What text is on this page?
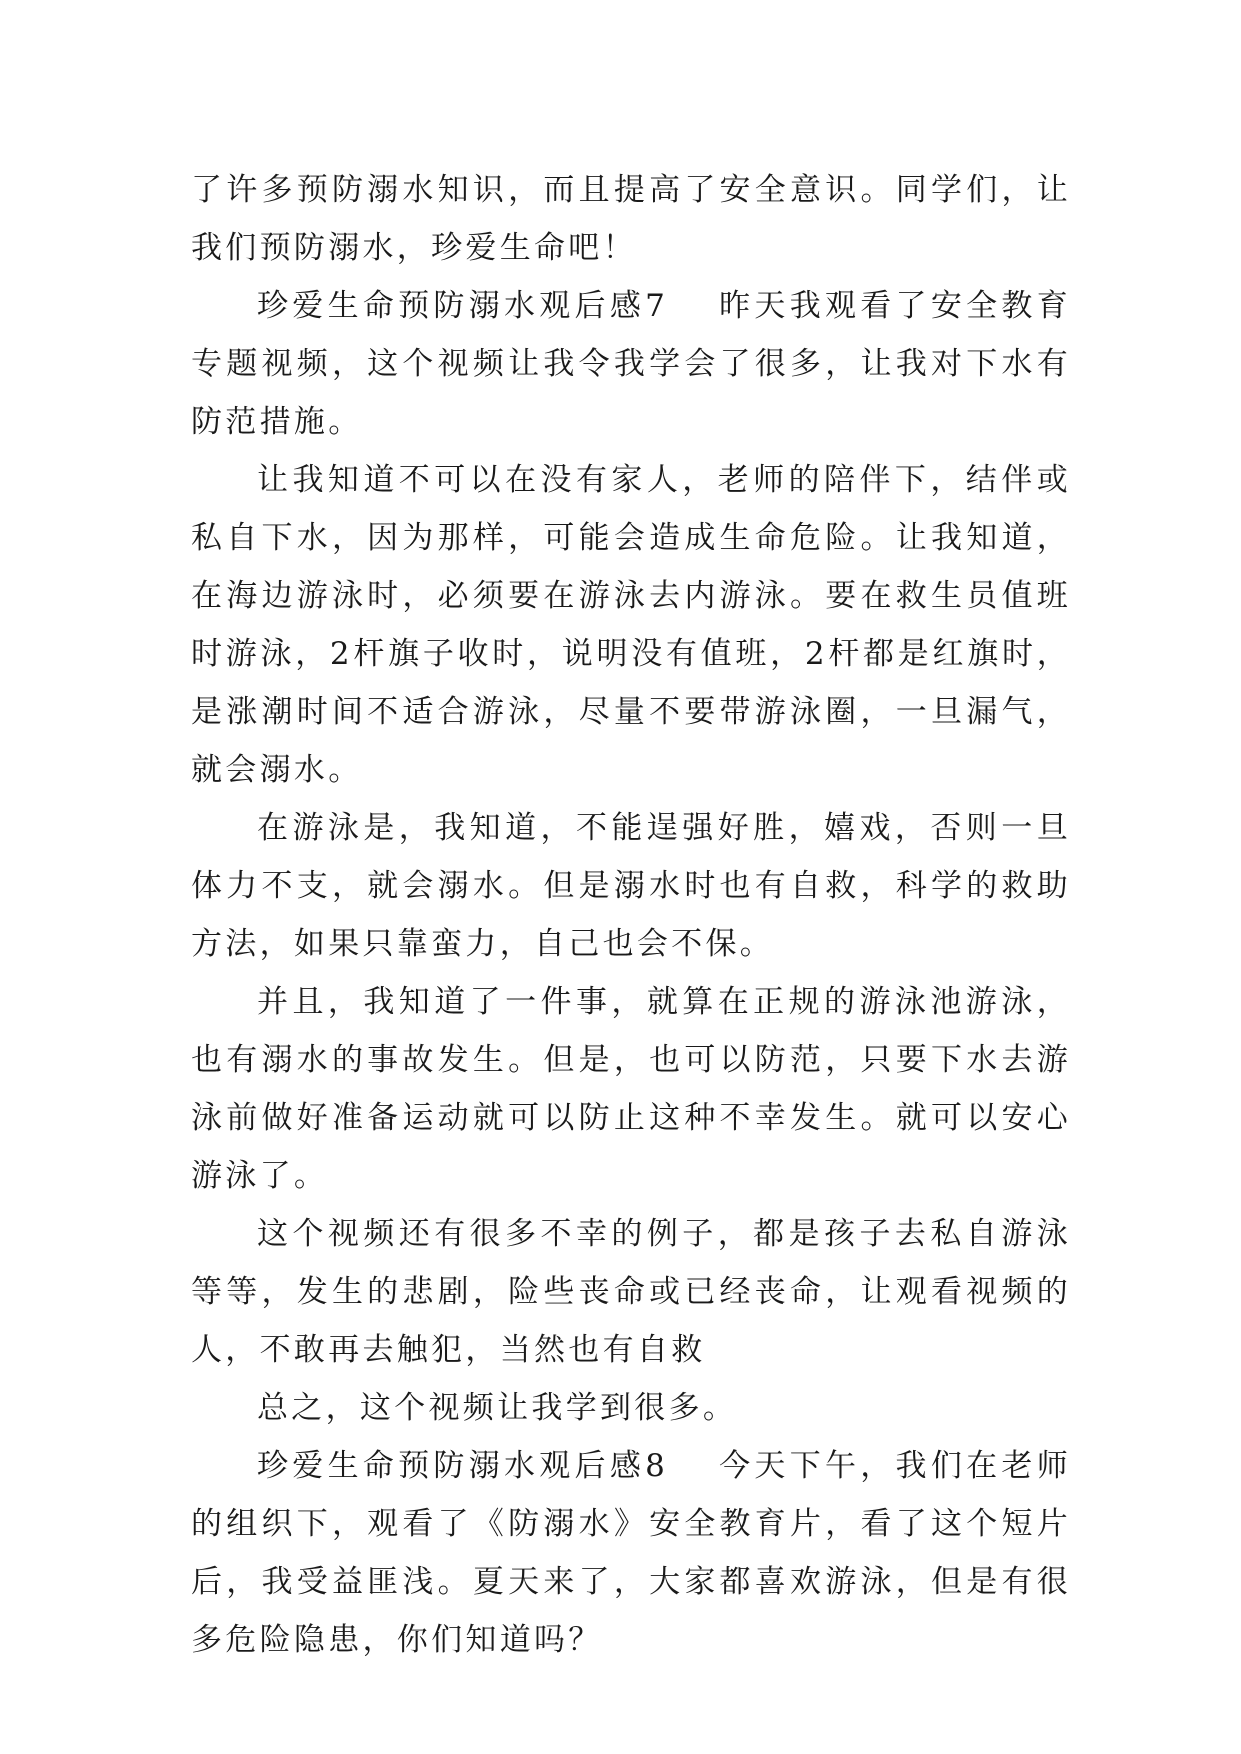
了许多预防溺水知识，而且提高了安全意识。同学们，让我们预防溺水，珍爱生命吧！

珍爱生命预防溺水观后感7 昨天我观看了安全教育专题视频，这个视频让我令我学会了很多，让我对下水有防范措施。

让我知道不可以在没有家人，老师的陪伴下，结伴或私自下水，因为那样，可能会造成生命危险。让我知道，在海边游泳时，必须要在游泳去内游泳。要在救生员值班时游泳，2杆旗子收时，说明没有值班，2杆都是红旗时，是涨潮时间不适合游泳，尽量不要带游泳圈，一旦漏气，就会溺水。

在游泳是，我知道，不能逞强好胜，嬉戏，否则一旦体力不支，就会溺水。但是溺水时也有自救，科学的救助方法，如果只靠蛮力，自己也会不保。

并且，我知道了一件事，就算在正规的游泳池游泳，也有溺水的事故发生。但是，也可以防范，只要下水去游泳前做好准备运动就可以防止这种不幸发生。就可以安心游泳了。

这个视频还有很多不幸的例子，都是孩子去私自游泳等等，发生的悲剧，险些丧命或已经丧命，让观看视频的人，不敢再去触犯，当然也有自救

总之，这个视频让我学到很多。

珍爱生命预防溺水观后感8 今天下午，我们在老师的组织下，观看了《防溺水》安全教育片，看了这个短片后，我受益匪浅。夏天来了，大家都喜欢游泳，但是有很多危险隐患，你们知道吗？
